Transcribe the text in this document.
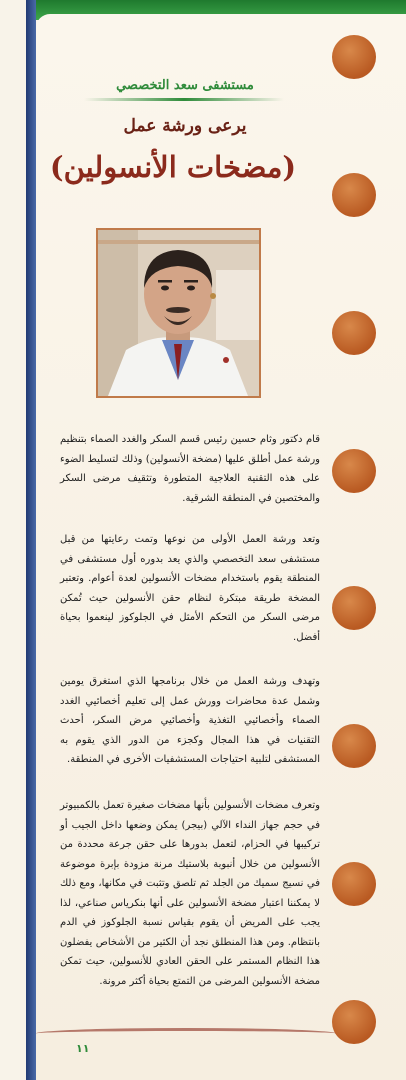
مستشفى سعد التخصصي
يرعى ورشة عمل
(مضخات الأنسولين)
قام دكتور وثام حسين رئيس قسم السكر والغدد الصماء بتنظيم ورشة عمل أطلق عليها (مضخة الأنسولين) وذلك لتسليط الضوء على هذه التقنية العلاجية المتطورة وتثقيف مرضى السكر والمختصين في المنطقة الشرقية.
وتعد ورشة العمل الأولى من نوعها وتمت رعايتها من قبل مستشفى سعد التخصصي والذي يعد بدوره أول مستشفى في المنطقة يقوم باستخدام مضخات الأنسولين لعدة أعوام. وتعتبر المضخة طريقة مبتكرة لنظام حقن الأنسولين حيث تُمكن مرضى السكر من التحكم الأمثل في الجلوكوز لينعموا بحياة أفضل.
وتهدف ورشة العمل من خلال برنامجها الذي استغرق يومين وشمل عدة محاضرات وورش عمل إلى تعليم أخصائيي الغدد الصماء وأخصائيي التغذية وأخصائيي مرض السكر، أحدث التقنيات في هذا المجال وكجزء من الدور الذي يقوم به المستشفى لتلبية احتياجات المستشفيات الأخرى في المنطقة.
وتعرف مضخات الأنسولين بأنها مضخات صغيرة تعمل بالكمبيوتر في حجم جهاز النداء الآلي (بيجر) يمكن وضعها داخل الجيب أو تركيبها في الحزام، لتعمل بدورها على حقن جرعة محددة من الأنسولين من خلال أنبوبة بلاستيك مرنة مزودة بإبرة موضوعة في نسيج سميك من الجلد ثم تلصق وتثبت في مكانها، ومع ذلك لا يمكننا اعتبار مضخة الأنسولين على أنها بنكرياس صناعي، لذا يجب على المريض أن يقوم بقياس نسبة الجلوكوز في الدم بانتظام. ومن هذا المنطلق نجد أن الكثير من الأشخاص يفضلون هذا النظام المستمر على الحقن العادي للأنسولين، حيث تمكن مضخة الأنسولين المرضى من التمتع بحياة أكثر مرونة.
١١
